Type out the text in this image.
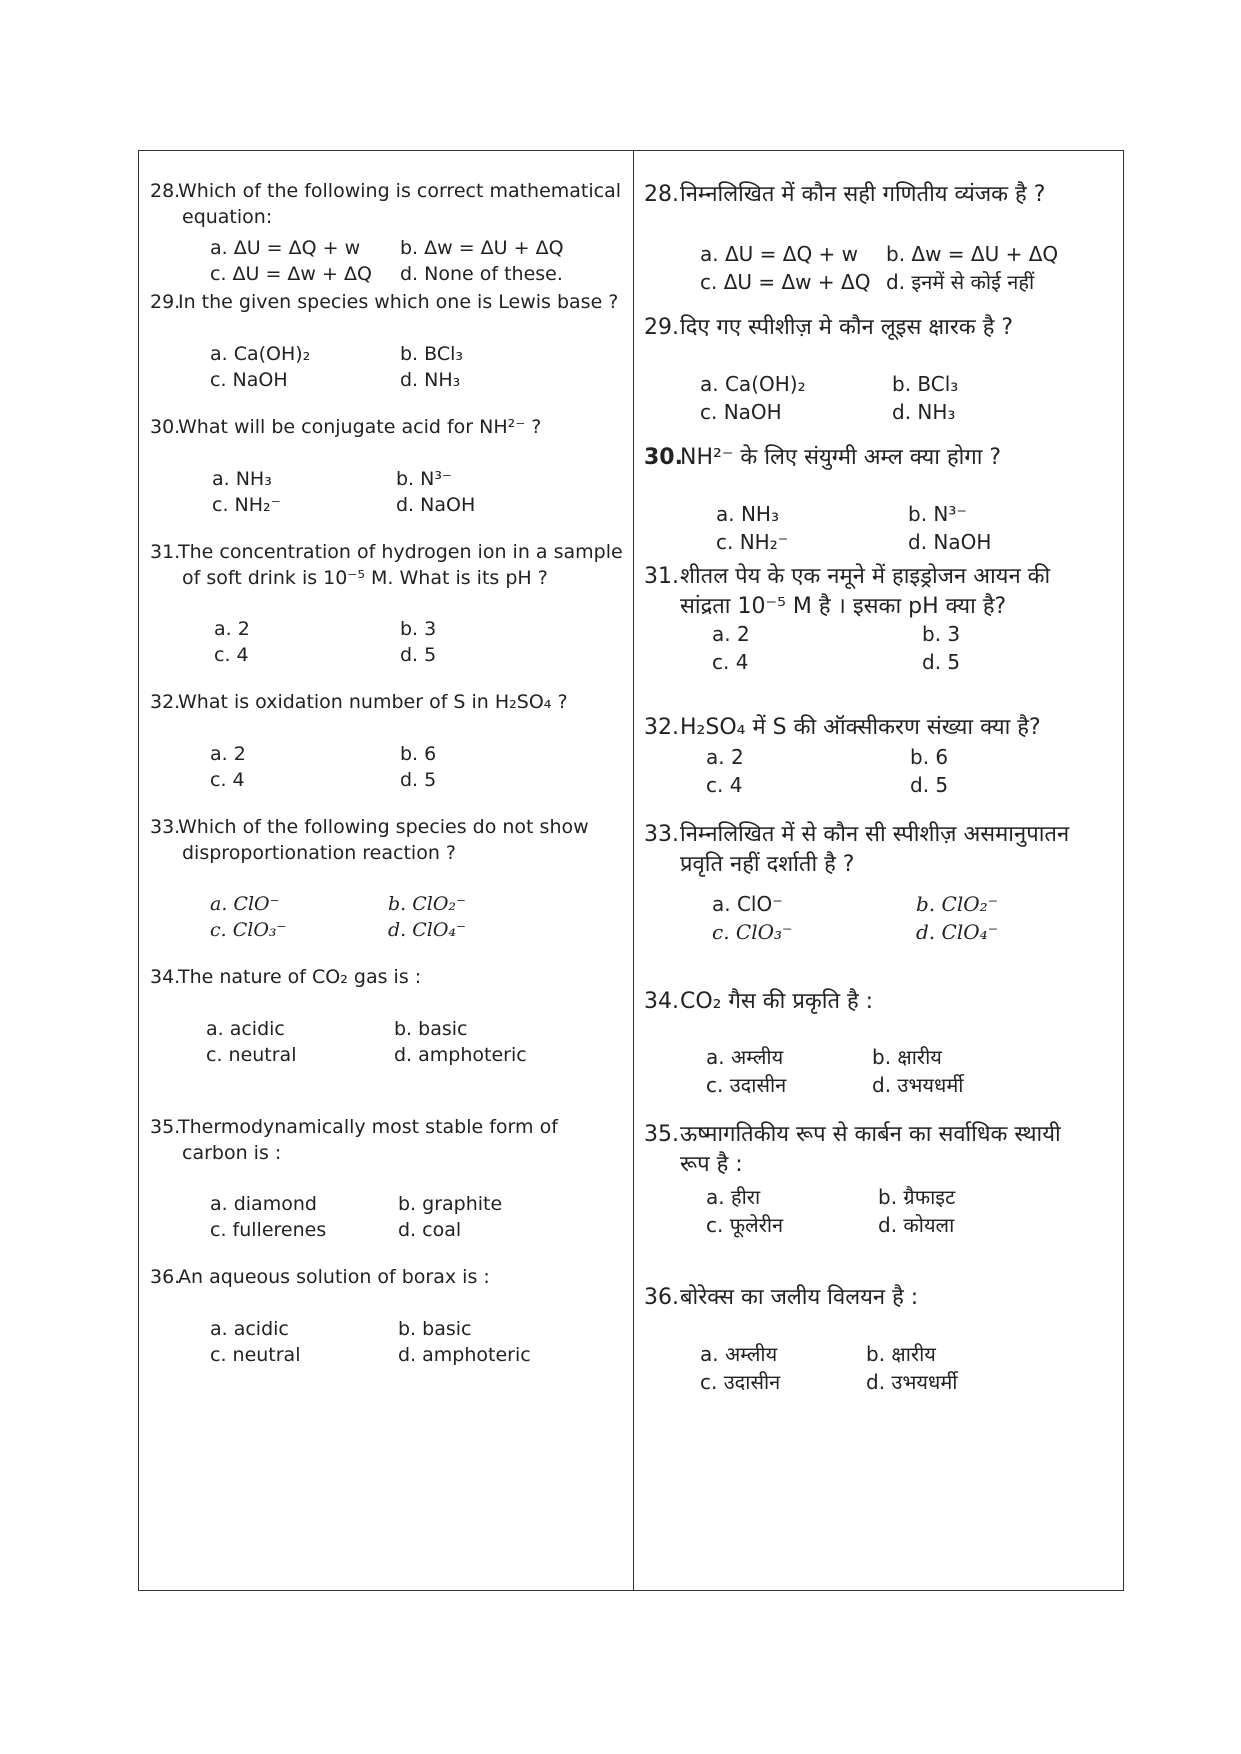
28.
Which of the following is correct mathematical
equation:
a. ΔU = ΔQ + w b. Δw = ΔU + ΔQ
c. ΔU = Δw + ΔQ d. None of these.
29.
In the given species which one is Lewis base ?
a. Ca(OH)₂	b. BCl₃
c. NaOH	d. NH₃
30.
What will be conjugate acid for NH²⁻ ?
a. NH₃	b. N³⁻
c. NH₂⁻	d. NaOH
31.
The concentration of hydrogen ion in a sample
of soft drink is 10⁻⁵ M. What is its pH ?
a. 2	b. 3
c. 4	d. 5
32.
What is oxidation number of S in H₂SO₄ ?
a. 2	b. 6
c. 4	d. 5
33.
Which of the following species do not show
disproportionation reaction ?
a. ClO⁻	b. ClO₂⁻
c. ClO₃⁻	d. ClO₄⁻
34.
The nature of CO₂ gas is :
a. acidic	b. basic
c. neutral	d. amphoteric
35.
Thermodynamically most stable form of
carbon is :
a. diamond	b. graphite
c. fullerenes	d. coal
36.
An aqueous solution of borax is :
a. acidic	b. basic
c. neutral	d. amphoteric
28. निम्नलिखित में कौन सही गणितीय व्यंजक है ?
a. ΔU = ΔQ + w b. Δw = ΔU + ΔQ
c. ΔU = Δw + ΔQ d. इनमें से कोई नहीं
29. दिए गए स्पीशीज़ मे कौन लूइस क्षारक है ?
a. Ca(OH)₂	b. BCl₃
c. NaOH	d. NH₃
30.
NH²⁻ के लिए संयुग्मी अम्ल क्या होगा ?
a. NH₃	b. N³⁻
c. NH₂⁻	d. NaOH
31. शीतल पेय के एक नमूने में हाइड्रोजन आयन की
सांद्रता 10⁻⁵ M है । इसका pH क्या है?
a. 2	b. 3
c. 4	d. 5
32. H₂SO₄ में S की ऑक्सीकरण संख्या क्या है?
a. 2	b. 6
c. 4	d. 5
33. निम्नलिखित में से कौन सी स्पीशीज़ असमानुपातन
प्रवृति नहीं दर्शाती है ?
a. ClO⁻	b. ClO₂⁻
c. ClO₃⁻	d. ClO₄⁻
34. CO₂ गैस की प्रकृति है :
a. अम्लीय	b. क्षारीय
c. उदासीन	d. उभयधर्मी
35. ऊष्मागतिकीय रूप से कार्बन का सर्वाधिक स्थायी
रूप है :
a. हीरा	b. ग्रैफाइट
c. फूलेरीन	d. कोयला
36. बोरेक्स का जलीय विलयन है :
a. अम्लीय	b. क्षारीय
c. उदासीन	d. उभयधर्मी
